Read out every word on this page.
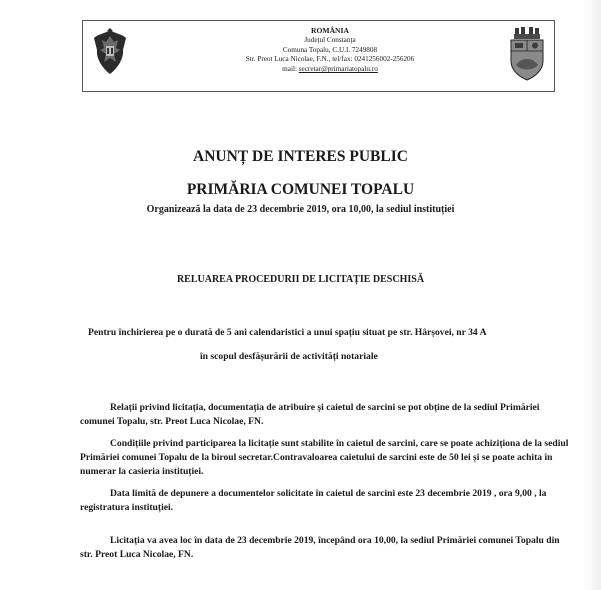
ROMÂNIA
Județul Constanța
Comuna Topalu, C.U.I. 7249808
Str. Preot Luca Nicolae, F.N., tel/fax: 0241256002-256206
mail: secretar@primariatopalu.ro
ANUNȚ DE INTERES PUBLIC
PRIMĂRIA COMUNEI TOPALU
Organizează la data de 23 decembrie 2019, ora 10,00, la sediul instituției
RELUAREA PROCEDURII DE LICITAȚIE DESCHISĂ
Pentru închirierea pe o durată de 5 ani calendaristici a unui spațiu situat pe str. Hârșovei, nr 34 A
în scopul desfășurării de activități notariale
Relații privind licitația, documentația de atribuire și caietul de sarcini se pot obține de la sediul Primăriei comunei Topalu, str. Preot Luca Nicolae, FN.
Condițiile privind participarea la licitație sunt stabilite în caietul de sarcini, care se poate achiziționa de la sediul Primăriei comunei Topalu de la biroul secretar.Contravaloarea caietului de sarcini este de 50 lei și se poate achita în numerar la casieria instituției.
Data limită de depunere a documentelor solicitate în caietul de sarcini este 23 decembrie 2019 , ora 9,00 , la registratura instituției.
Licitația va avea loc în data de 23 decembrie 2019, începând ora 10,00, la sediul Primăriei comunei Topalu din str. Preot Luca Nicolae, FN.
